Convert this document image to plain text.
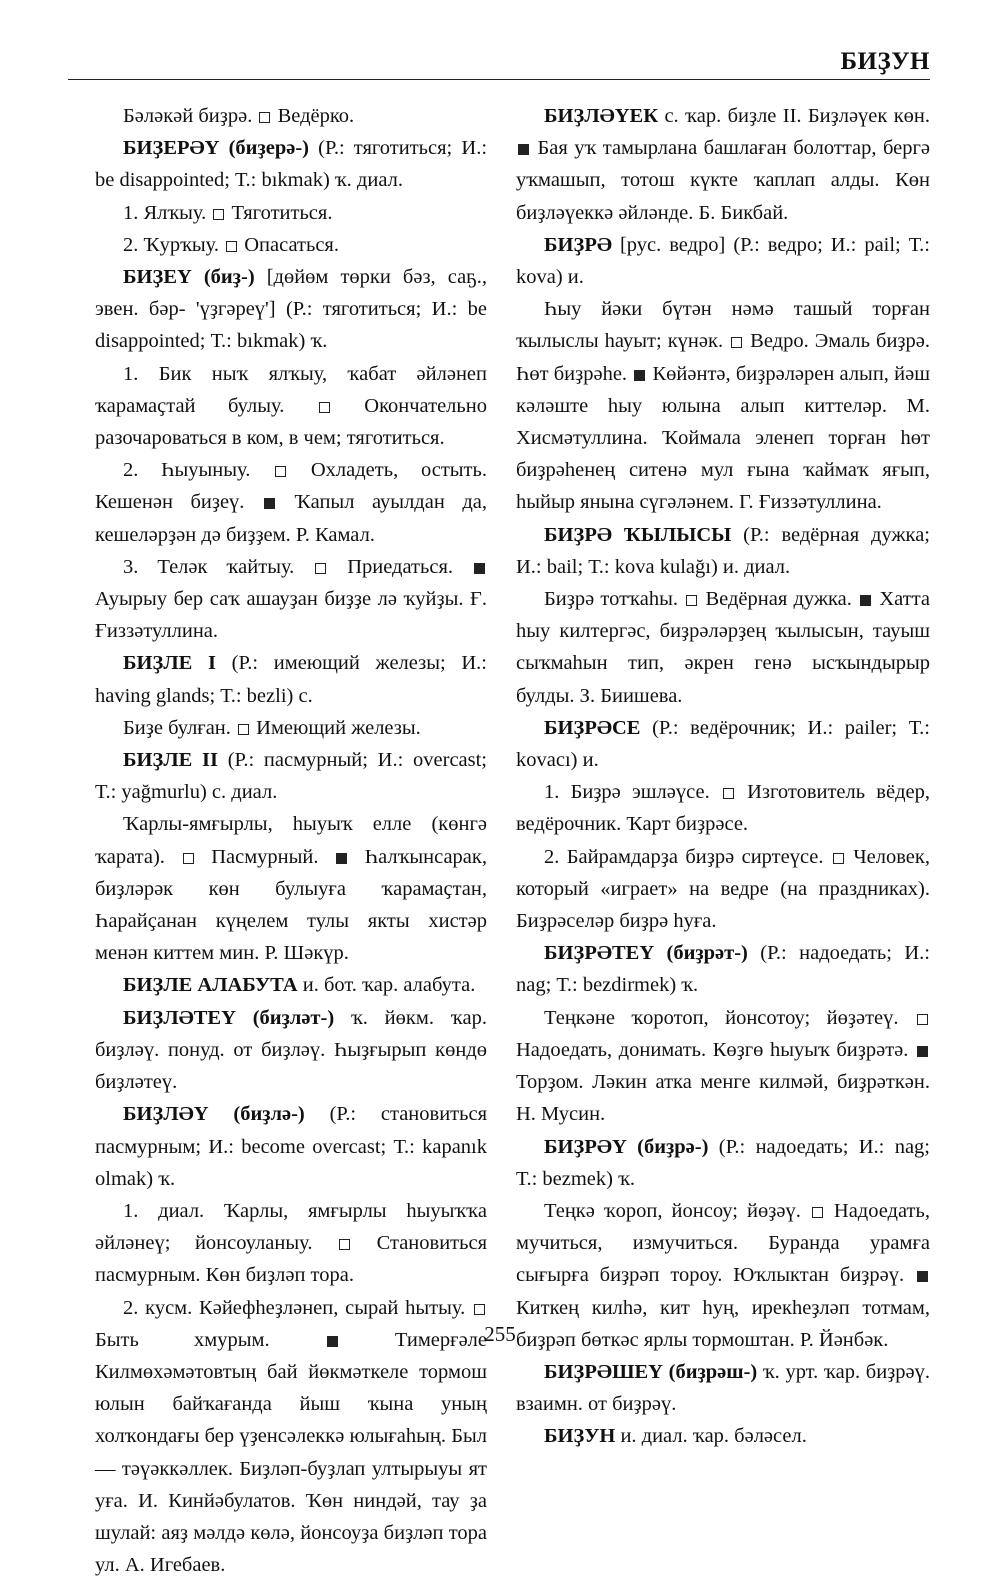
БИҘУН

Бәләкәй биҙрә.  Ведёрко.

БИҘЕРӘҮ (биҙерә-) (Р.: тяготиться; И.: be disappointed; Т.: bıkmak) ҡ. диал.

1. Ялҡыу.  Тяготиться.

2. Ҡурҡыу.  Опасаться.

БИҘЕҮ (биҙ-) [дөйөм төрки бәз, саҕ., эвен. бәр- 'үҙгәреү'] (Р.: тяготиться; И.: be disappointed; Т.: bıkmak) ҡ.

1. Бик ныҡ ялҡыу, ҡабат әйләнеп ҡарамаҫтай булыу.  Окончательно разочароваться в ком, в чем; тяготиться.

2. Һыуыныу.  Охладеть, остыть. Кешенән биҙеү.  Ҡапыл ауылдан да, кешеләрҙән дә биҙҙем. Р. Камал.

3. Теләк ҡайтыу.  Приедаться.  Ауырыу бер саҡ ашауҙан биҙҙе лә ҡуйҙы. Ғ. Ғиззәтуллина.

БИҘЛЕ I (Р.: имеющий железы; И.: having glands; Т.: bezli) с.

Биҙе булған.  Имеющий железы.

БИҘЛЕ II (Р.: пасмурный; И.: overcast; Т.: yağmurlu) с. диал.

Ҡарлы-ямғырлы, һыуыҡ елле (көнгә ҡарата).  Пасмурный.  Һалҡынсарак, биҙләрәк көн булыуға ҡарамаҫтан, Һарайҫанан күңелем тулы якты хистәр менән киттем мин. Р. Шәкүр.

БИҘЛЕ АЛАБУТА и. бот. ҡар. алабута.

БИҘЛӘТЕҮ (биҙләт-) ҡ. йөкм. ҡар. биҙләү. понуд. от биҙләү. Һыҙғырып көндө биҙләтеү.

БИҘЛӘҮ (биҙлә-) (Р.: становиться пасмурным; И.: become overcast; Т.: kapanık olmak) ҡ.

1. диал. Ҡарлы, ямғырлы һыуыҡҡа әйләнеү; йонсоуланыу.  Становиться пасмурным. Көн биҙләп тора.

2. кусм. Кәйефһеҙләнеп, сырай һытыу.  Быть хмурым.  Тимерғәле Килмөхәмәтовтың бай йөкмәткеле тормош юлын байҡағанда йыш ҡына уның холҡондағы бер үҙенсәлеккә юлығаһың. Был — тәүәккәллек. Биҙләп-буҙлап ултырыуы ят уға. И. Кинйәбулатов. Ҡөн ниндәй, тау ҙа шулай: аяҙ мәлдә көлә, йонсоуҙа биҙләп тора ул. А. Игебаев.

БИҘЛӘҮЕК с. ҡар. биҙле II. Биҙләүек көн.  Бая уҡ тамырлана башлаған болоттар, бергә уҡмашып, тотош күкте ҡаплап алды. Көн биҙләүеккә әйләнде. Б. Бикбай.

БИҘРӘ [рус. ведро] (Р.: ведро; И.: pail; Т.: kova) и.

Һыу йәки бүтән нәмә ташый торған ҡылыслы һауыт; күнәк.  Ведро. Эмаль биҙрә. Һөт биҙрәһе.  Көйәнтә, биҙрәләрен алып, йәш кәләште һыу юлына алып киттеләр. М. Хисмәтуллина. Ҡоймала эленеп торған һөт биҙрәһенең ситенә мул ғына ҡаймаҡ яғып, һыйыр янына сүгәләнем. Г. Ғиззәтуллина.

БИҘРӘ ҠЫЛЫСЫ (Р.: ведёрная дужка; И.: bail; Т.: kova kulağı) и. диал.

Биҙрә тотҡаһы.  Ведёрная дужка.  Хатта һыу килтергәс, биҙрәләрҙең ҡылысын, тауыш сыҡмаһын тип, әкрен генә ысҡындырыр булды. З. Биишева.

БИҘРӘСЕ (Р.: ведёрочник; И.: pailer; Т.: kovacı) и.

1. Биҙрә эшләүсе.  Изготовитель вёдер, ведёрочник. Ҡарт биҙрәсе.

2. Байрамдарҙа биҙрә сиртеүсе.  Человек, который «играет» на ведре (на праздниках). Биҙрәселәр биҙрә һуға.

БИҘРӘТЕҮ (биҙрәт-) (Р.: надоедать; И.: nag; Т.: bezdirmek) ҡ.

Теңкәне ҡоротоп, йонсотоу; йөҙәтеү.  Надоедать, донимать. Көҙгө һыуыҡ биҙрәтә.  Торҙом. Ләкин атка менге килмәй, биҙрәткән. Н. Мусин.

БИҘРӘҮ (биҙрә-) (Р.: надоедать; И.: nag; Т.: bezmek) ҡ.

Теңкә ҡороп, йонсоу; йөҙәү.  Надоедать, мучиться, измучиться. Буранда урамға сығырға биҙрәп тороу. Юҡлыктан биҙрәү.  Киткең килһә, кит һуң, ирекһеҙләп тотмам, биҙрәп бөткәс ярлы тормоштан. Р. Йәнбәк.

БИҘРӘШЕҮ (биҙрәш-) ҡ. урт. ҡар. биҙрәү. взаимн. от биҙрәү.

БИҘУН и. диал. ҡар. бәләсел.

255
